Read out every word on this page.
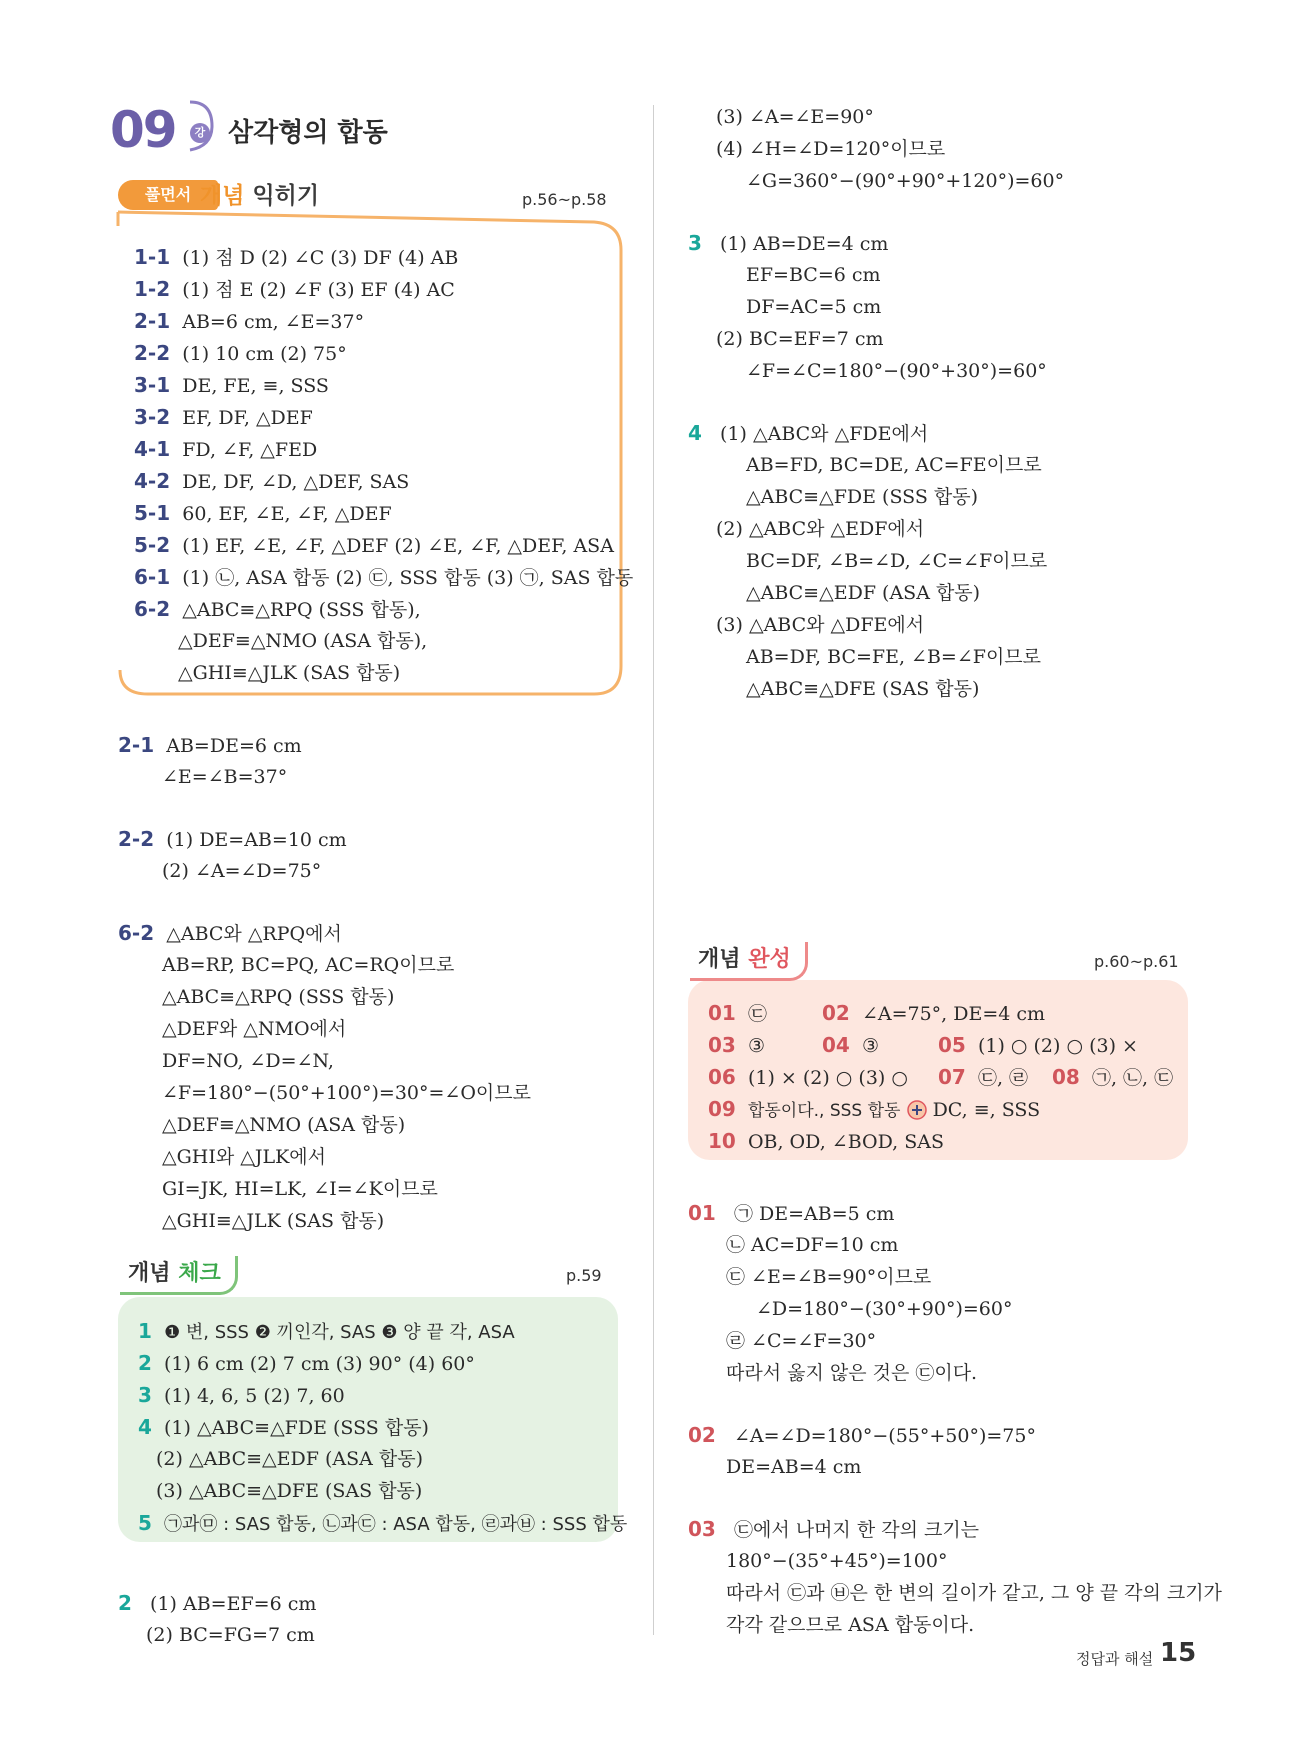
09	강 삼각형의 합동
풀면서 개념 익히기	p.56~p.58
1-1 (1) 점 D (2) ∠C (3) DF (4) AB
1-2 (1) 점 E (2) ∠F (3) EF (4) AC
2-1 AB=6 cm, ∠E=37°
2-2 (1) 10 cm (2) 75°
3-1 DE, FE, ≡, SSS
3-2 EF, DF, △DEF
4-1 FD, ∠F, △FED
4-2 DE, DF, ∠D, △DEF, SAS
5-1 60, EF, ∠E, ∠F, △DEF
5-2 (1) EF, ∠E, ∠F, △DEF (2) ∠E, ∠F, △DEF, ASA
6-1 (1) ㉡, ASA 합동 (2) ㉢, SSS 합동 (3) ㉠, SAS 합동
6-2 △ABC≡△RPQ (SSS 합동),
△DEF≡△NMO (ASA 합동),
△GHI≡△JLK (SAS 합동)
2-1 AB=DE=6 cm
∠E=∠B=37°
2-2 (1) DE=AB=10 cm
(2) ∠A=∠D=75°
6-2 △ABC와 △RPQ에서
AB=RP, BC=PQ, AC=RQ이므로
△ABC≡△RPQ (SSS 합동)
△DEF와 △NMO에서
DF=NO, ∠D=∠N,
∠F=180°−(50°+100°)=30°=∠O이므로
△DEF≡△NMO (ASA 합동)
△GHI와 △JLK에서
GI=JK, HI=LK, ∠I=∠K이므로
△GHI≡△JLK (SAS 합동)
개념 체크	p.59
1 ❶ 변, SSS ❷ 끼인각, SAS ❸ 양 끝 각, ASA
2 (1) 6 cm (2) 7 cm (3) 90° (4) 60°
3 (1) 4, 6, 5 (2) 7, 60
4 (1) △ABC≡△FDE (SSS 합동)
(2) △ABC≡△EDF (ASA 합동)
(3) △ABC≡△DFE (SAS 합동)
5 ㉠과㉤ : SAS 합동, ㉡과㉢ : ASA 합동, ㉣과㉥ : SSS 합동
2 (1) AB=EF=6 cm
(2) BC=FG=7 cm
(3) ∠A=∠E=90°
(4) ∠H=∠D=120°이므로
∠G=360°−(90°+90°+120°)=60°
3 (1) AB=DE=4 cm
EF=BC=6 cm
DF=AC=5 cm
(2) BC=EF=7 cm
∠F=∠C=180°−(90°+30°)=60°
4 (1) △ABC와 △FDE에서
AB=FD, BC=DE, AC=FE이므로
△ABC≡△FDE (SSS 합동)
(2) △ABC와 △EDF에서
BC=DF, ∠B=∠D, ∠C=∠F이므로
△ABC≡△EDF (ASA 합동)
(3) △ABC와 △DFE에서
AB=DF, BC=FE, ∠B=∠F이므로
△ABC≡△DFE (SAS 합동)
개념 완성	p.60~p.61
01 ㉢	02 ∠A=75°, DE=4 cm
03 ③	04 ③	05 (1) ○ (2) ○ (3) ×
06 (1) × (2) ○ (3) ○ 07 ㉢, ㉣ 08 ㉠, ㉡, ㉢
09 합동이다., SSS 합동 DC, ≡, SSS
10 OB, OD, ∠BOD, SAS
01 ㉠ DE=AB=5 cm
㉡ AC=DF=10 cm
㉢ ∠E=∠B=90°이므로
∠D=180°−(30°+90°)=60°
㉣ ∠C=∠F=30°
따라서 옳지 않은 것은 ㉢이다.
02 ∠A=∠D=180°−(55°+50°)=75°
DE=AB=4 cm
03 ㉢에서 나머지 한 각의 크기는
180°−(35°+45°)=100°
따라서 ㉢과 ㉥은 한 변의 길이가 같고, 그 양 끝 각의 크기가
각각 같으므로 ASA 합동이다.
정답과 해설 15
